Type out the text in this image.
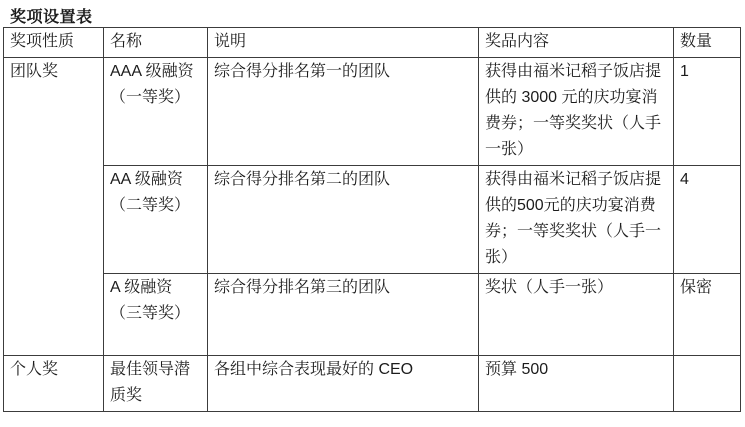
奖项设置表
奖项性质	名称	说明	奖品内容	数量
团队奖	AAA 级融资（一等奖）	综合得分排名第一的团队	获得由福米记稻子饭店提供的 3000 元的庆功宴消费券；一等奖奖状（人手一张）	1
	AA 级融资（二等奖）	综合得分排名第二的团队	获得由福米记稻子饭店提供的500元的庆功宴消费券；一等奖奖状（人手一张）	4
	A 级融资（三等奖）	综合得分排名第三的团队	奖状（人手一张）	保密
个人奖	最佳领导潜质奖	各组中综合表现最好的 CEO	预算 500	
